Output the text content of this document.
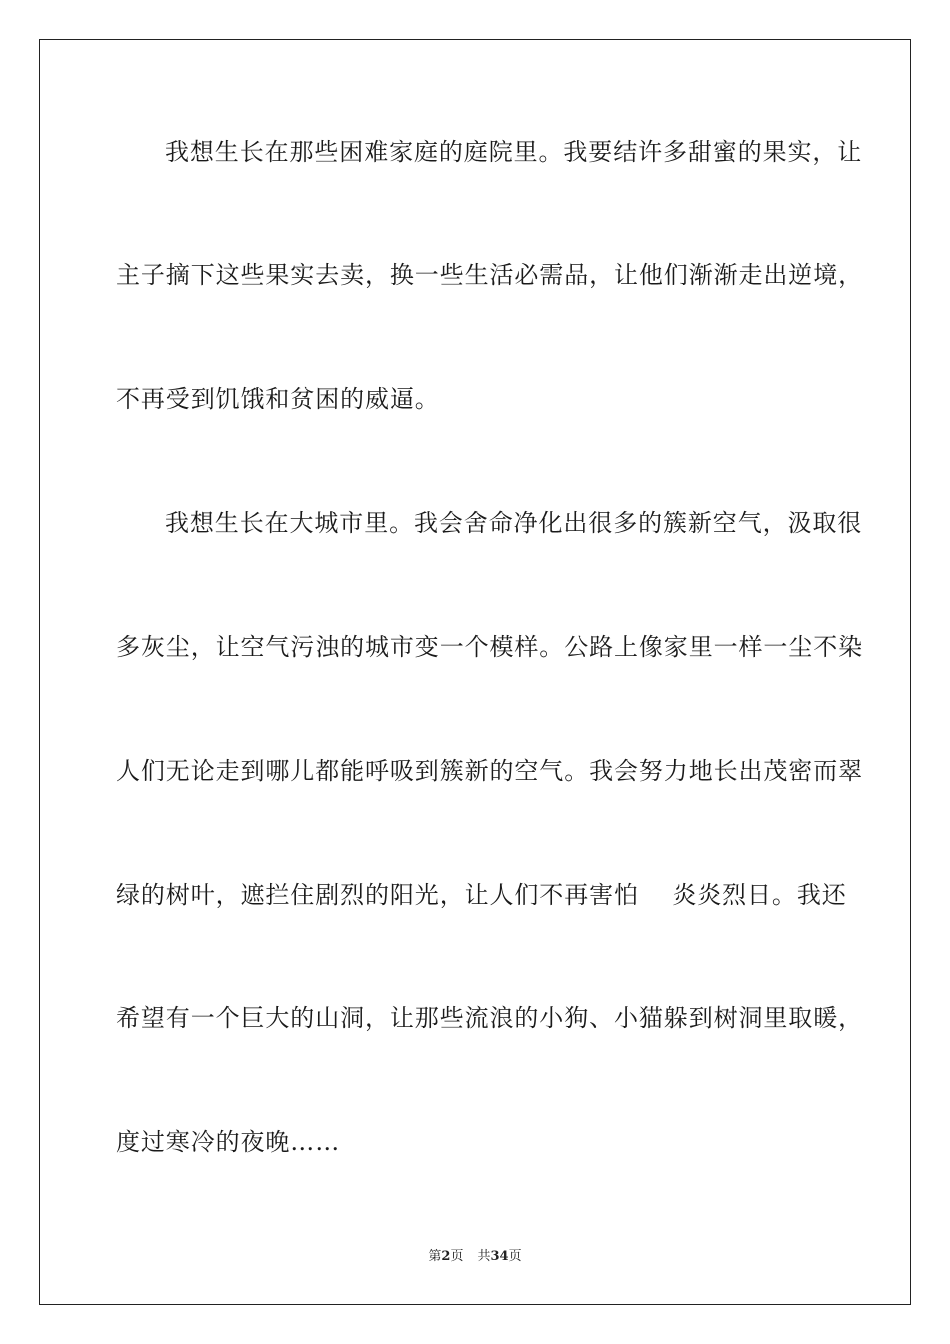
我想生长在那些困难家庭的庭院里。我要结许多甜蜜的果实，让
主子摘下这些果实去卖，换一些生活必需品，让他们渐渐走出逆境，
不再受到饥饿和贫困的威逼。
我想生长在大城市里。我会舍命净化出很多的簇新空气，汲取很
多灰尘，让空气污浊的城市变一个模样。公路上像家里一样一尘不染
人们无论走到哪儿都能呼吸到簇新的空气。我会努力地长出茂密而翠
绿的树叶，遮拦住剧烈的阳光，让人们不再害怕　 炎炎烈日。我还
希望有一个巨大的山洞，让那些流浪的小狗、小猫躲到树洞里取暖，
度过寒冷的夜晚……
第2页 共34页
